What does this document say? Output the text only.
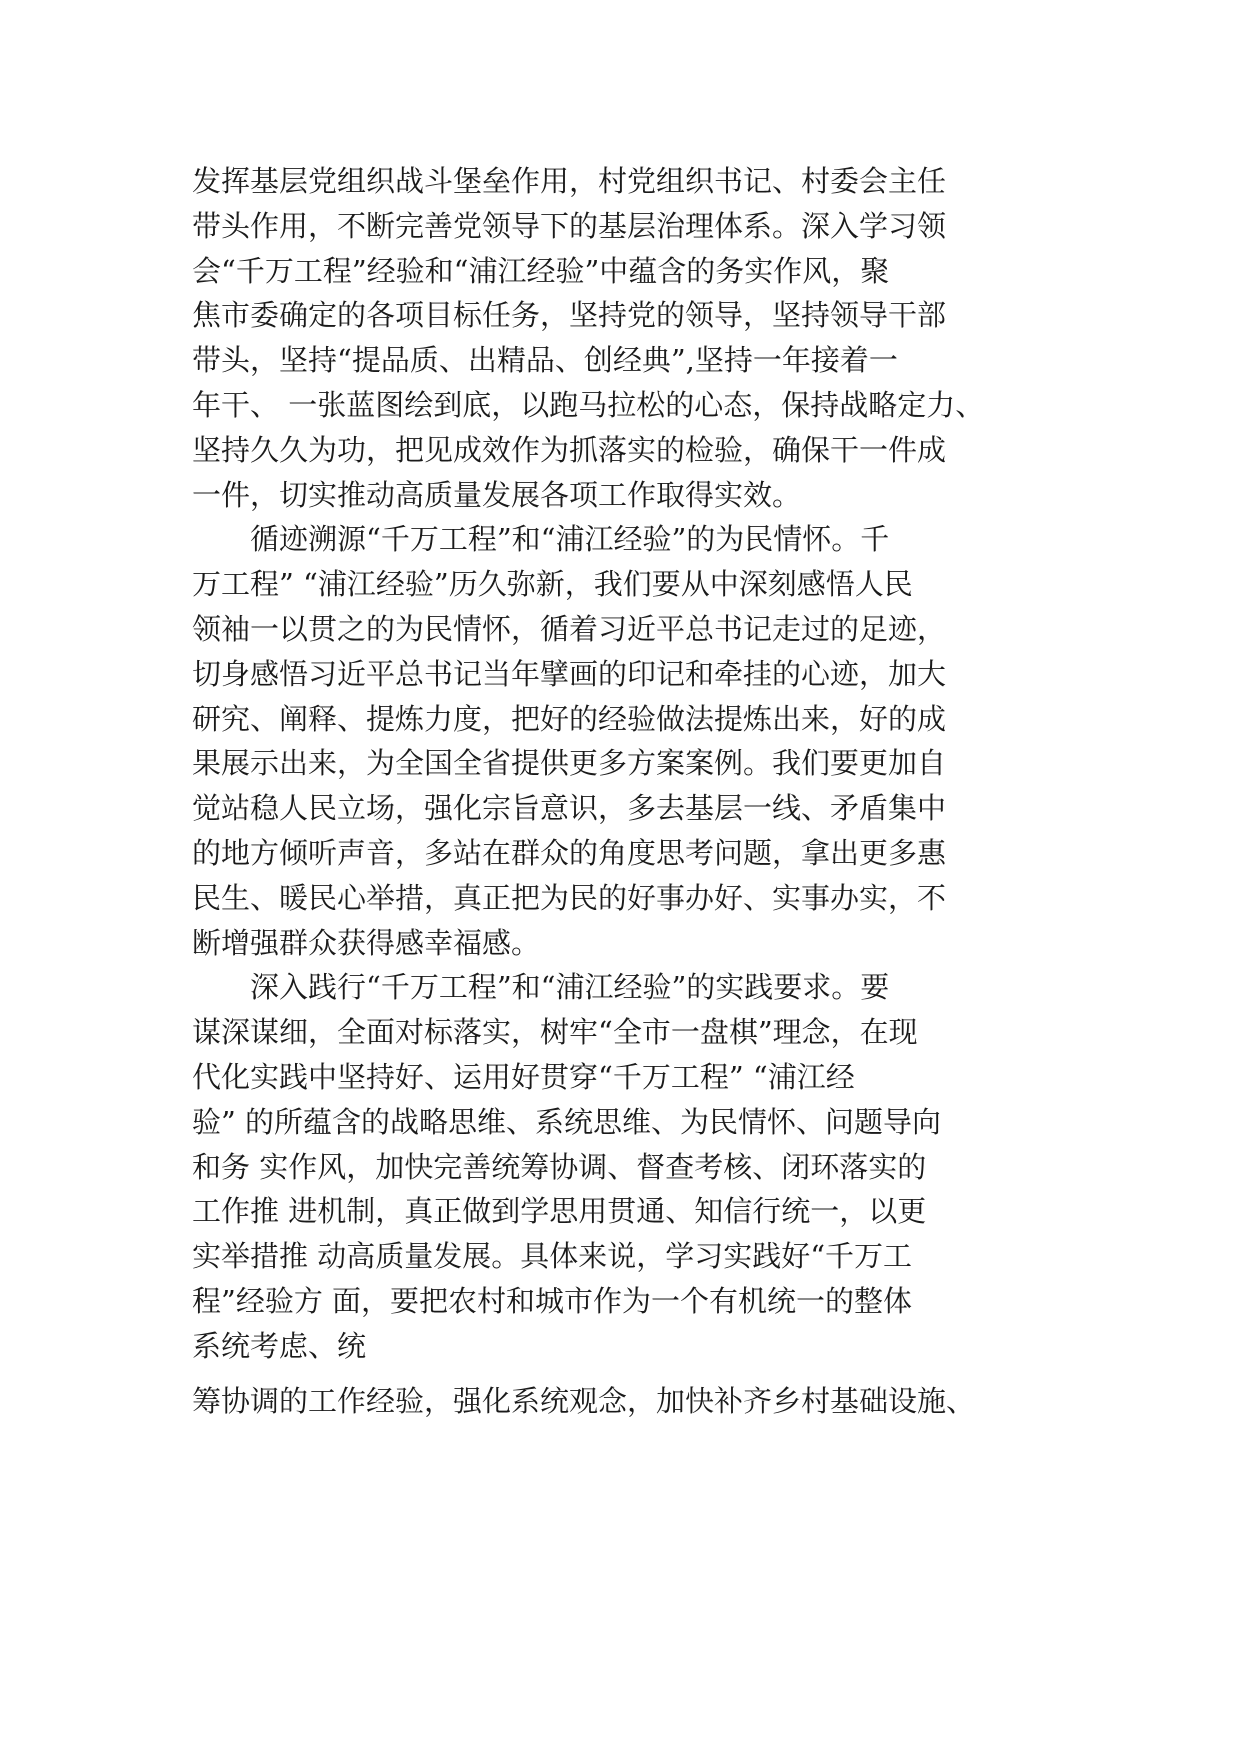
发挥基层党组织战斗堡垒作用，村党组织书记、村委会主任
带头作用，不断完善党领导下的基层治理体系。深入学习领
会“千万工程”经验和“浦江经验”中蕴含的务实作风，聚
焦市委确定的各项目标任务，坚持党的领导，坚持领导干部
带头，坚持“提品质、出精品、创经典”,坚持一年接着一
年干、 一张蓝图绘到底，以跑马拉松的心态，保持战略定力、
坚持久久为功，把见成效作为抓落实的检验，确保干一件成
一件，切实推动高质量发展各项工作取得实效。
　　循迹溯源“千万工程”和“浦江经验”的为民情怀。千
万工程” “浦江经验”历久弥新，我们要从中深刻感悟人民
领袖一以贯之的为民情怀，循着习近平总书记走过的足迹，
切身感悟习近平总书记当年擘画的印记和牵挂的心迹，加大
研究、阐释、提炼力度，把好的经验做法提炼出来，好的成
果展示出来，为全国全省提供更多方案案例。我们要更加自
觉站稳人民立场，强化宗旨意识，多去基层一线、矛盾集中
的地方倾听声音，多站在群众的角度思考问题，拿出更多惠
民生、暖民心举措，真正把为民的好事办好、实事办实，不
断增强群众获得感幸福感。
　　深入践行“千万工程”和“浦江经验”的实践要求。要
谋深谋细，全面对标落实，树牢“全市一盘棋”理念，在现
代化实践中坚持好、运用好贯穿“千万工程” “浦江经
验” 的所蕴含的战略思维、系统思维、为民情怀、问题导向
和务 实作风，加快完善统筹协调、督查考核、闭环落实的
工作推 进机制，真正做到学思用贯通、知信行统一，以更
实举措推 动高质量发展。具体来说，学习实践好“千万工
程”经验方 面，要把农村和城市作为一个有机统一的整体
系统考虑、统
筹协调的工作经验，强化系统观念，加快补齐乡村基础设施、
